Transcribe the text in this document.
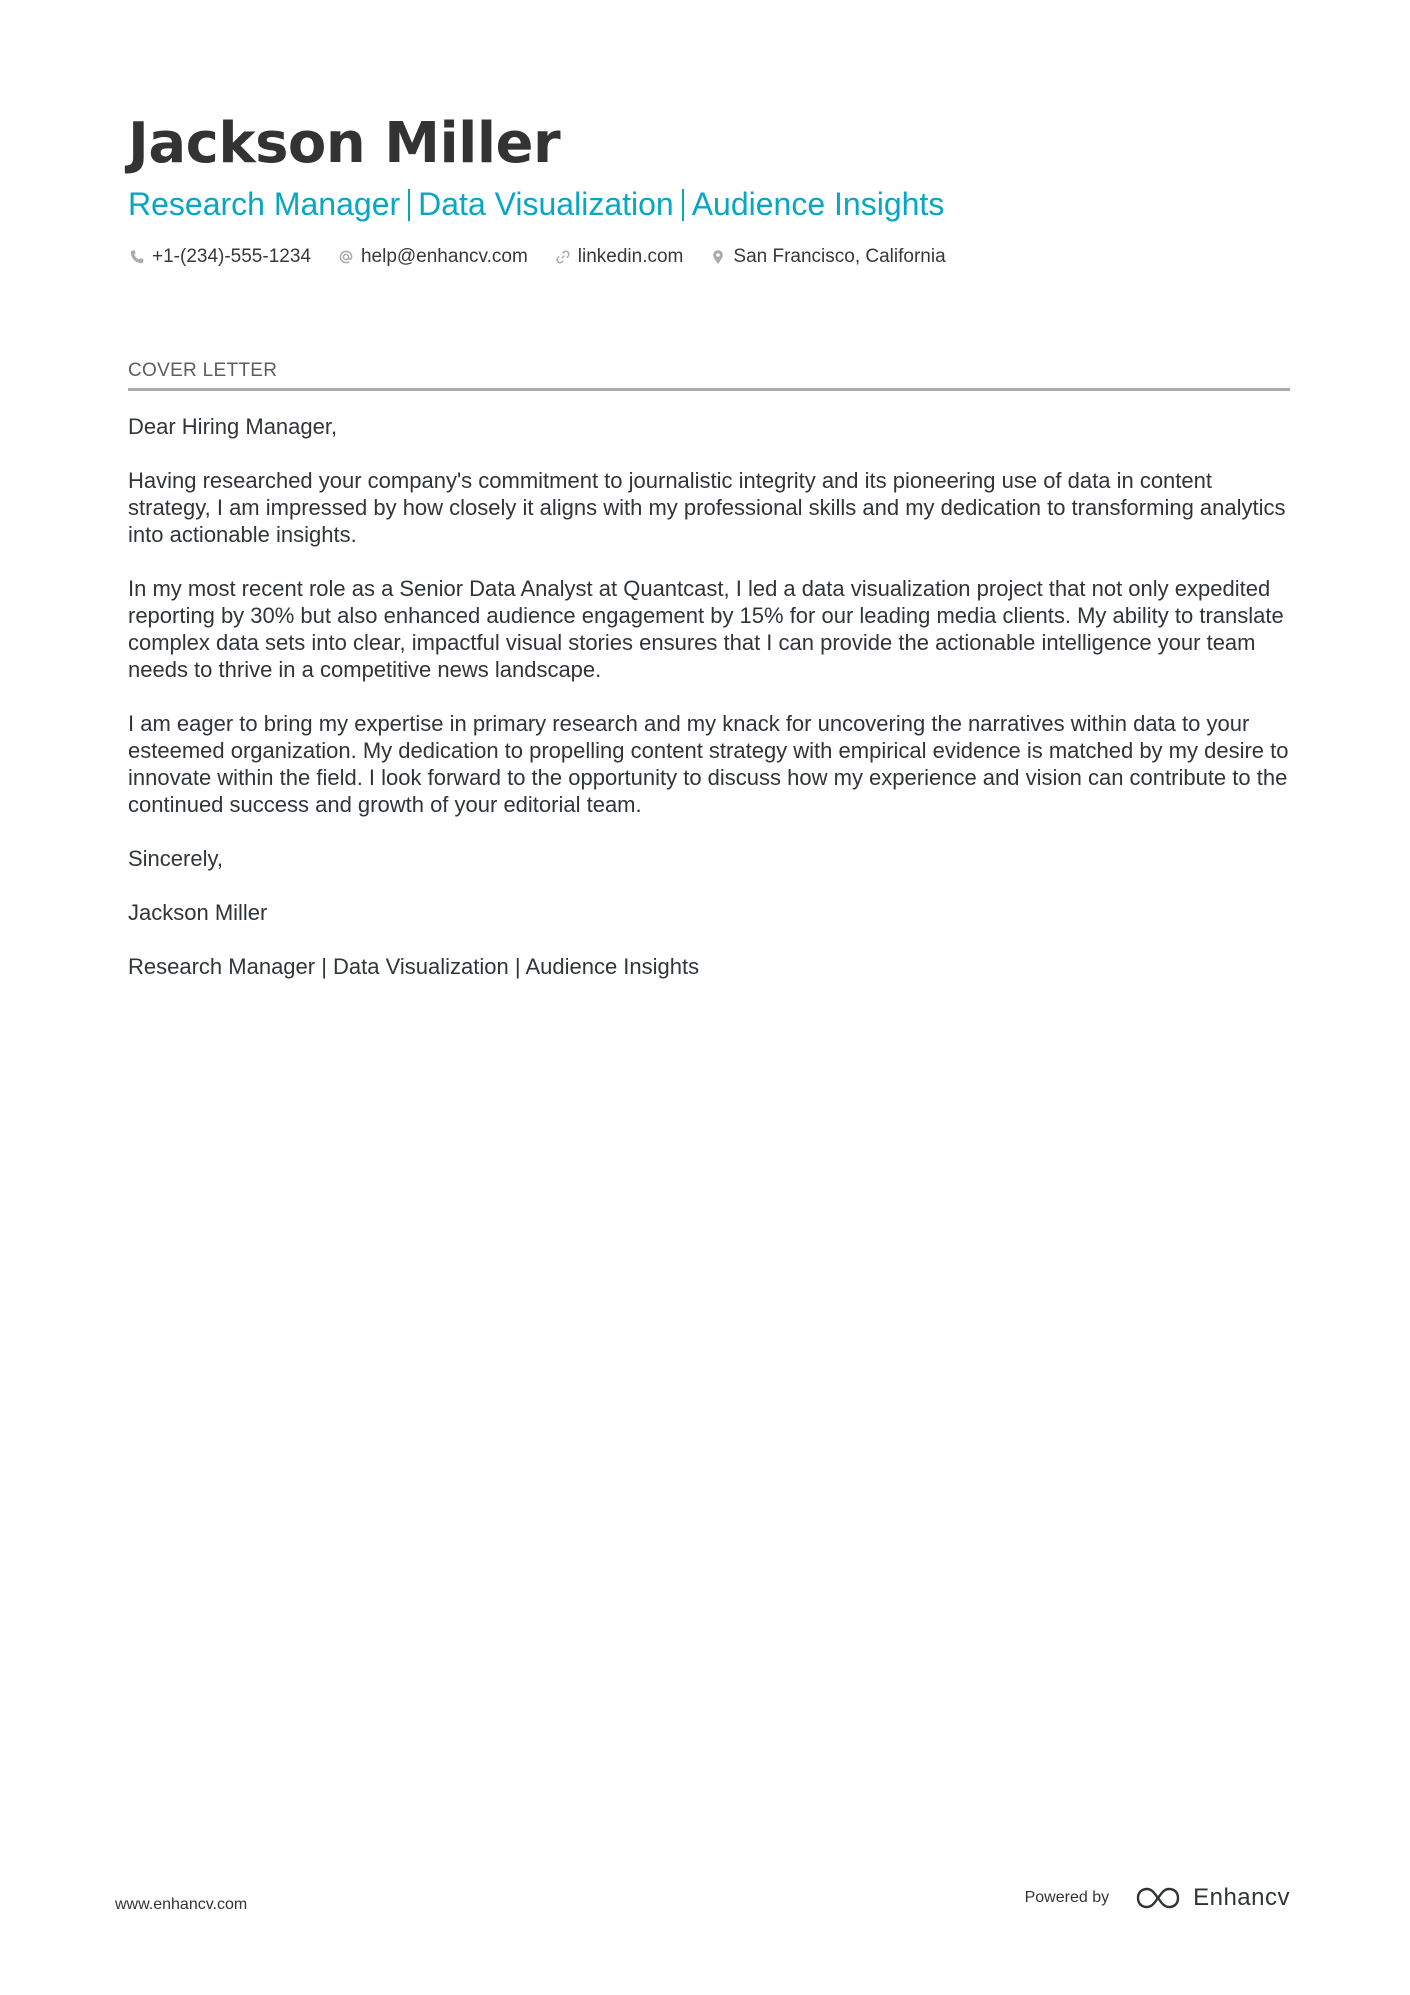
Jackson Miller
Research Manager Data Visualization Audience Insights
+1-(234)-555-1234	help@enhancv.com	linkedin.com	San Francisco, California
COVER LETTER

Dear Hiring Manager,

Having researched your company's commitment to journalistic integrity and its pioneering use of data in content strategy, I am impressed by how closely it aligns with my professional skills and my dedication to transforming analytics into actionable insights.

In my most recent role as a Senior Data Analyst at Quantcast, I led a data visualization project that not only expedited reporting by 30% but also enhanced audience engagement by 15% for our leading media clients. My ability to translate complex data sets into clear, impactful visual stories ensures that I can provide the actionable intelligence your team needs to thrive in a competitive news landscape.

I am eager to bring my expertise in primary research and my knack for uncovering the narratives within data to your esteemed organization. My dedication to propelling content strategy with empirical evidence is matched by my desire to innovate within the field. I look forward to the opportunity to discuss how my experience and vision can contribute to the continued success and growth of your editorial team.

Sincerely,

Jackson Miller

Research Manager | Data Visualization | Audience Insights

www.enhancv.com	Powered by	Enhancv
